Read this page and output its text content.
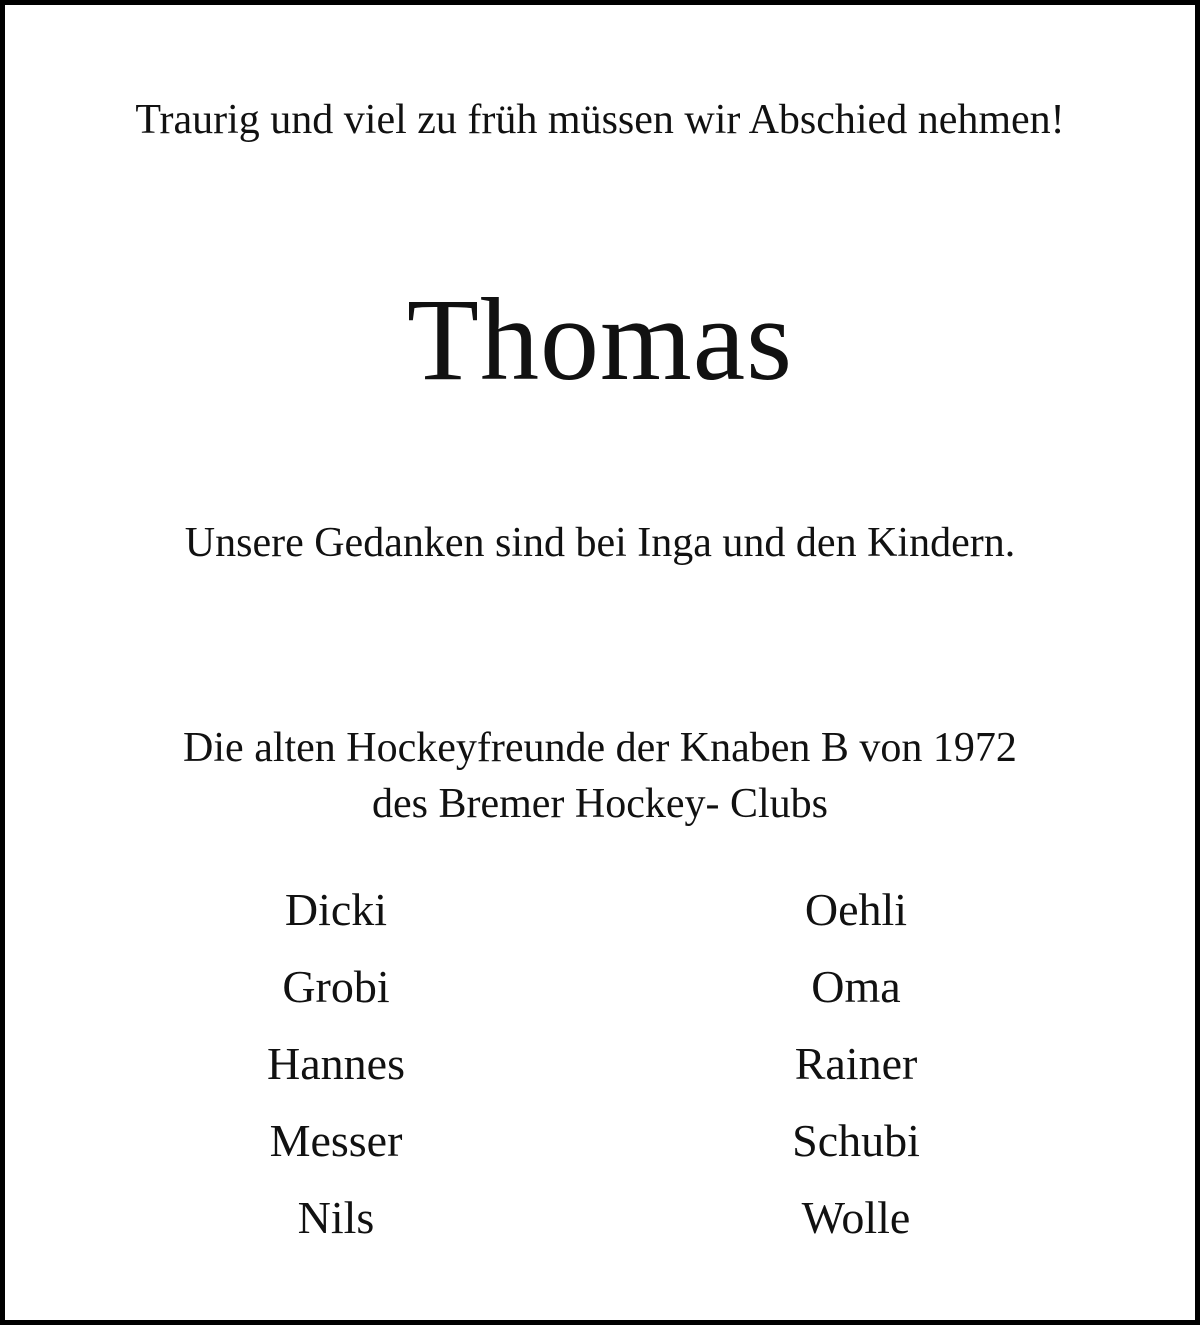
Traurig und viel zu früh müssen wir Abschied nehmen!
Thomas
Unsere Gedanken sind bei Inga und den Kindern.
Die alten Hockeyfreunde der Knaben B von 1972
des Bremer Hockey- Clubs
Dicki
Grobi
Hannes
Messer
Nils
Oehli
Oma
Rainer
Schubi
Wolle
